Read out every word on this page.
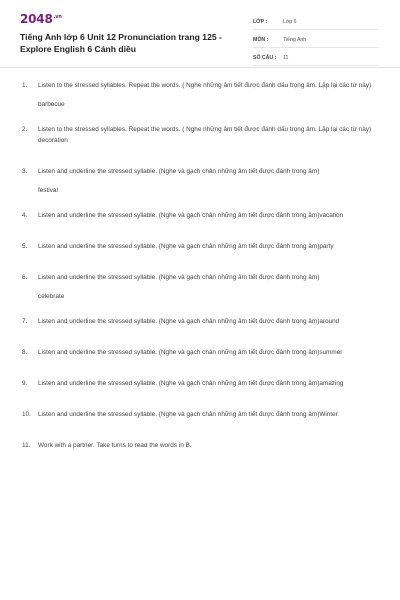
$2048^{.vn}$
Tiếng Anh lớp 6 Unit 12 Pronunciation trang 125 - Explore English 6 Cánh diều
LỚP :	Lớp 6
MÔN :	Tiếng Anh
SỐ CÂU :	11
1.	Listen to the stressed syllables. Repeat the words. ( Nghe những âm tiết được đánh dấu trọng âm. Lặp lại các từ này)
barbecue
2.	Listen to the stressed syllables. Repeat the words. ( Nghe những âm tiết được đánh dấu trọng âm. Lặp lại các từ này) decoration
3.	Listen and underline the stressed syllable. (Nghe và gạch chân những âm tiết được đánh trong âm)
festival
4.	Listen and underline the stressed syllable. (Nghe và gạch chân những âm tiết được đánh trong âm)vacation
5.	Listen and underline the stressed syllable. (Nghe và gạch chân những âm tiết được đánh trong âm)party
6.	Listen and underline the stressed syllable. (Nghe và gạch chân những âm tiết được đánh trong âm)
celebrate
7.	Listen and underline the stressed syllable. (Nghe và gạch chân những âm tiết được đánh trong âm)around
8.	Listen and underline the stressed syllable. (Nghe và gạch chân những âm tiết được đánh trong âm)summer
9.	Listen and underline the stressed syllable. (Nghe và gạch chân những âm tiết được đánh trong âm)amazing
10.	Listen and underline the stressed syllable. (Nghe và gạch chân những âm tiết được đánh trong âm)Winter
11.	Work with a partner. Take turns to read the words in B.
